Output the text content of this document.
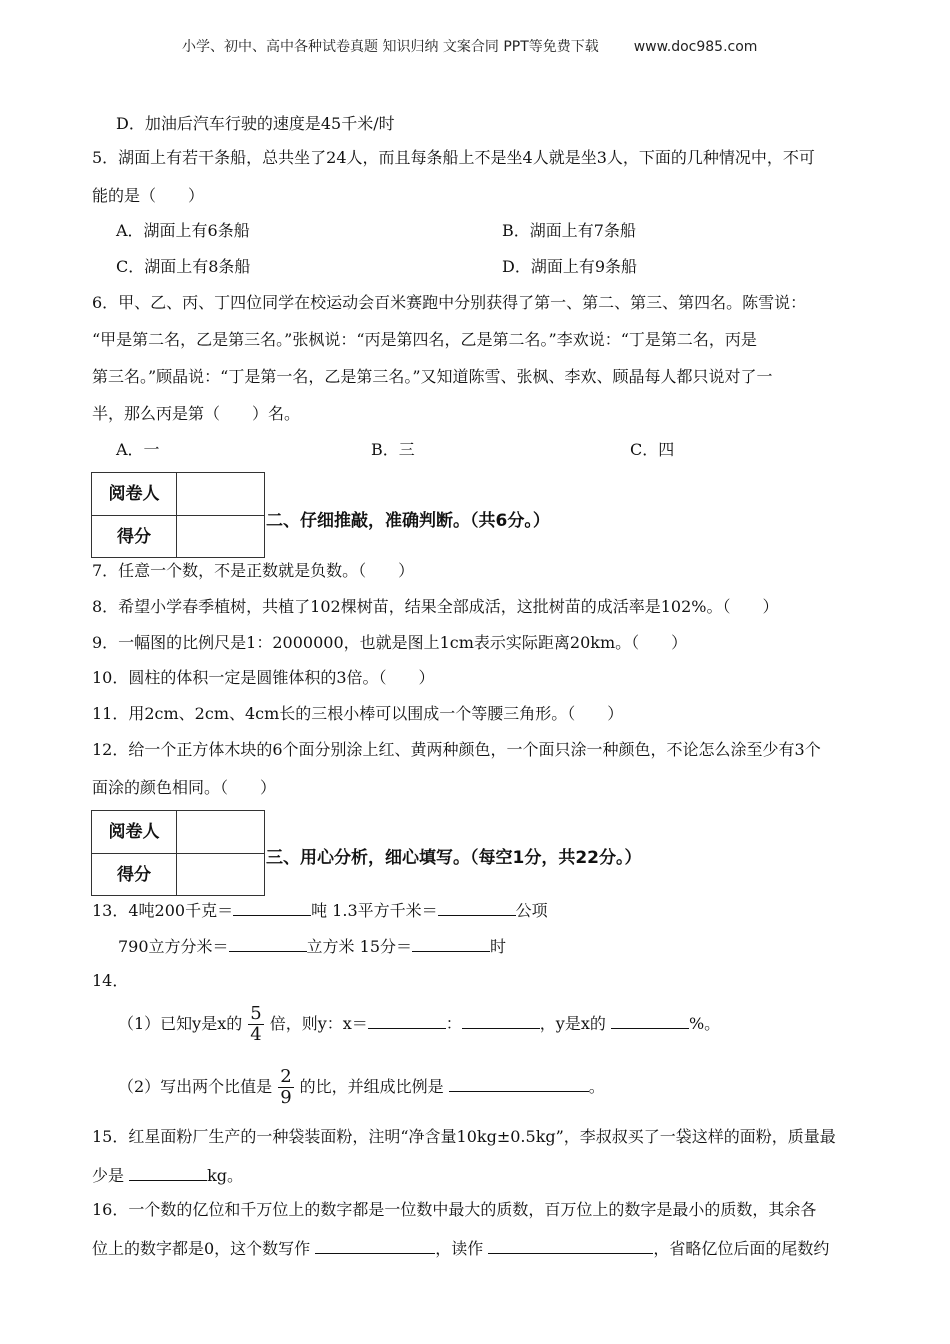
小学、初中、高中各种试卷真题 知识归纳 文案合同 PPT等免费下载 www.doc985.com
D．加油后汽车行驶的速度是45千米/时
5．湖面上有若干条船，总共坐了24人，而且每条船上不是坐4人就是坐3人，下面的几种情况中，不可
能的是（　　）
A．湖面上有6条船	B．湖面上有7条船
C．湖面上有8条船	D．湖面上有9条船
6．甲、乙、丙、丁四位同学在校运动会百米赛跑中分别获得了第一、第二、第三、第四名。陈雪说：
“甲是第二名，乙是第三名。”张枫说：“丙是第四名，乙是第二名。”李欢说：“丁是第二名，丙是
第三名。”顾晶说：“丁是第一名，乙是第三名。”又知道陈雪、张枫、李欢、顾晶每人都只说对了一
半，那么丙是第（　　）名。
A．一	B．三	C．四
阅卷人
得分
二、仔细推敲，准确判断。（共6分。）
7．任意一个数，不是正数就是负数。（　　）
8．希望小学春季植树，共植了102棵树苗，结果全部成活，这批树苗的成活率是102%。（　　）
9．一幅图的比例尺是1：2000000，也就是图上1cm表示实际距离20km。（　　）
10．圆柱的体积一定是圆锥体积的3倍。（　　）
11．用2cm、2cm、4cm长的三根小棒可以围成一个等腰三角形。（　　）
12．给一个正方体木块的6个面分别涂上红、黄两种颜色，一个面只涂一种颜色，不论怎么涂至少有3个
面涂的颜色相同。（　　）
阅卷人
得分
三、用心分析，细心填写。（每空1分，共22分。）
13．4吨200千克＝	吨 1.3平方千米＝	公项
790立方分米＝	立方米 15分＝	时
14．
（1）已知y是x的 $\frac{5}{4}$ 倍，则y：x＝	：	，y是x的	%。
（2）写出两个比值是 $\frac{2}{9}$ 的比，并组成比例是	。
15．红星面粉厂生产的一种袋装面粉，注明“净含量10kg±0.5kg”，李叔叔买了一袋这样的面粉，质量最
少是	kg。
16．一个数的亿位和千万位上的数字都是一位数中最大的质数，百万位上的数字是最小的质数，其余各
位上的数字都是0，这个数写作	，读作	，省略亿位后面的尾数约
